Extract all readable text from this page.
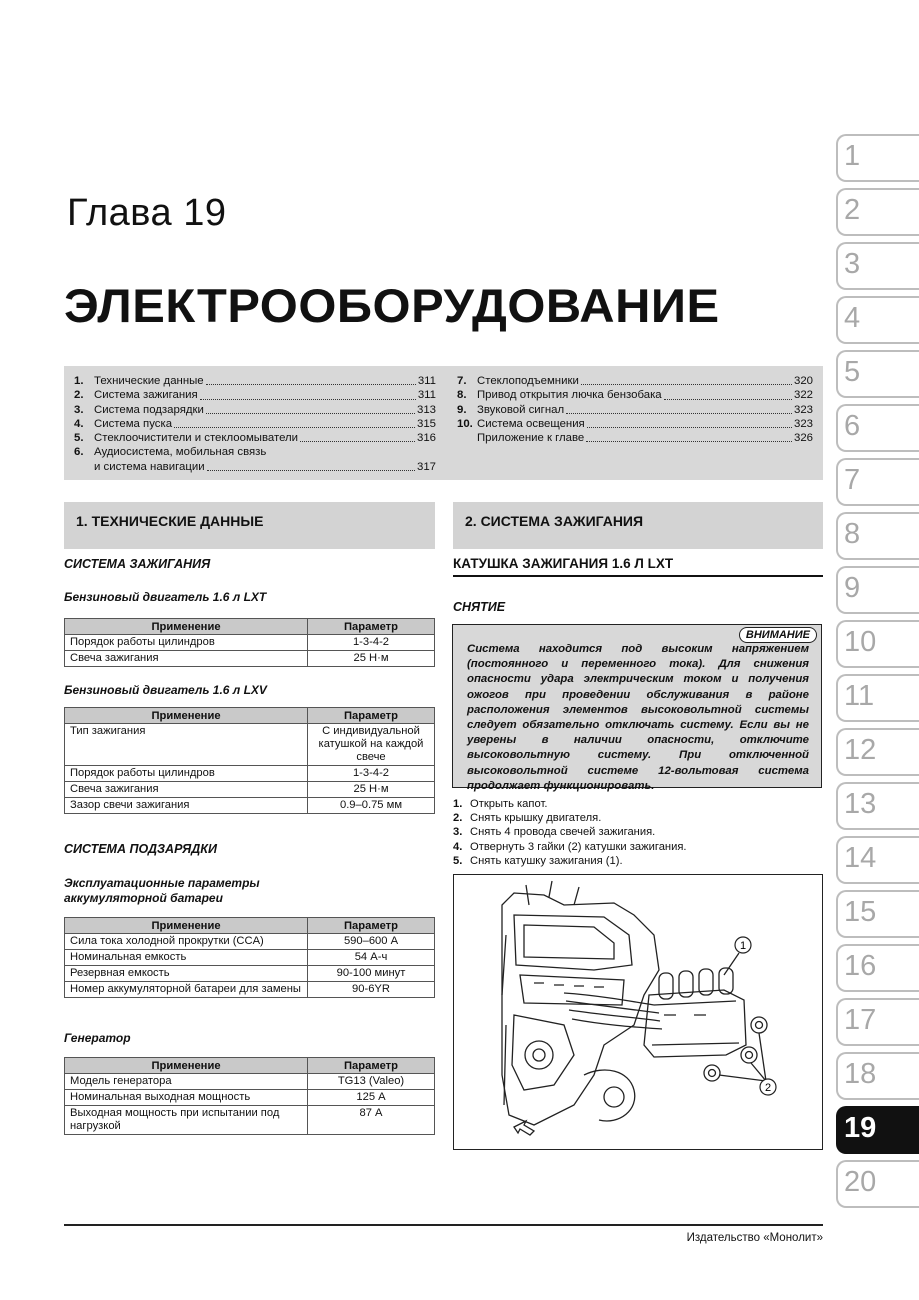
Глава 19
ЭЛЕКТРООБОРУДОВАНИЕ
1. Технические данные	311
2. Система зажигания	311
3. Система подзарядки	313
4. Система пуска	315
5. Стеклоочистители и стеклоомыватели	316
6. Аудиосистема, мобильная связь
и система навигации	317
7. Стеклоподъемники	320
8. Привод открытия лючка бензобака	322
9. Звуковой сигнал	323
10. Система освещения	323
Приложение к главе	326
1. ТЕХНИЧЕСКИЕ ДАННЫЕ
СИСТЕМА ЗАЖИГАНИЯ
Бензиновый двигатель 1.6 л LXT
Применение	Параметр
Порядок работы цилиндров	1-3-4-2
Свеча зажигания	25 Н·м
Бензиновый двигатель 1.6 л LXV
Применение	Параметр
Тип зажигания	С индивидуальной катушкой на каждой свече
Порядок работы цилиндров	1-3-4-2
Свеча зажигания	25 Н·м
Зазор свечи зажигания	0.9–0.75 мм
СИСТЕМА ПОДЗАРЯДКИ
Эксплуатационные параметры
аккумуляторной батареи
Применение	Параметр
Сила тока холодной прокрутки (CCA)	590–600 А
Номинальная емкость	54 А-ч
Резервная емкость	90-100 минут
Номер аккумуляторной батареи для замены	90-6YR
Генератор
Применение	Параметр
Модель генератора	TG13 (Valeo)
Номинальная выходная мощность	125 А
Выходная мощность при испытании под нагрузкой	87 А
2. СИСТЕМА ЗАЖИГАНИЯ
КАТУШКА ЗАЖИГАНИЯ 1.6 Л LXT
СНЯТИЕ
ВНИМАНИЕ
Система находится под высоким напряжением (постоянного и переменного тока). Для снижения опасности удара электрическим током и получения ожогов при проведении обслуживания в районе расположения элементов высоковольтной системы следует обязательно отключать систему. Если вы не уверены в наличии опасности, отключите высоковольтную систему. При отключенной высоковольтной системе 12-вольтовая система продолжает функционировать.
1. Открыть капот.
2. Снять крышку двигателя.
3. Снять 4 провода свечей зажигания.
4. Отвернуть 3 гайки (2) катушки зажигания.
5. Снять катушку зажигания (1).
1
2
1
2
3
4
5
6
7
8
9
10
11
12
13
14
15
16
17
18
19
20
Издательство «Монолит»
